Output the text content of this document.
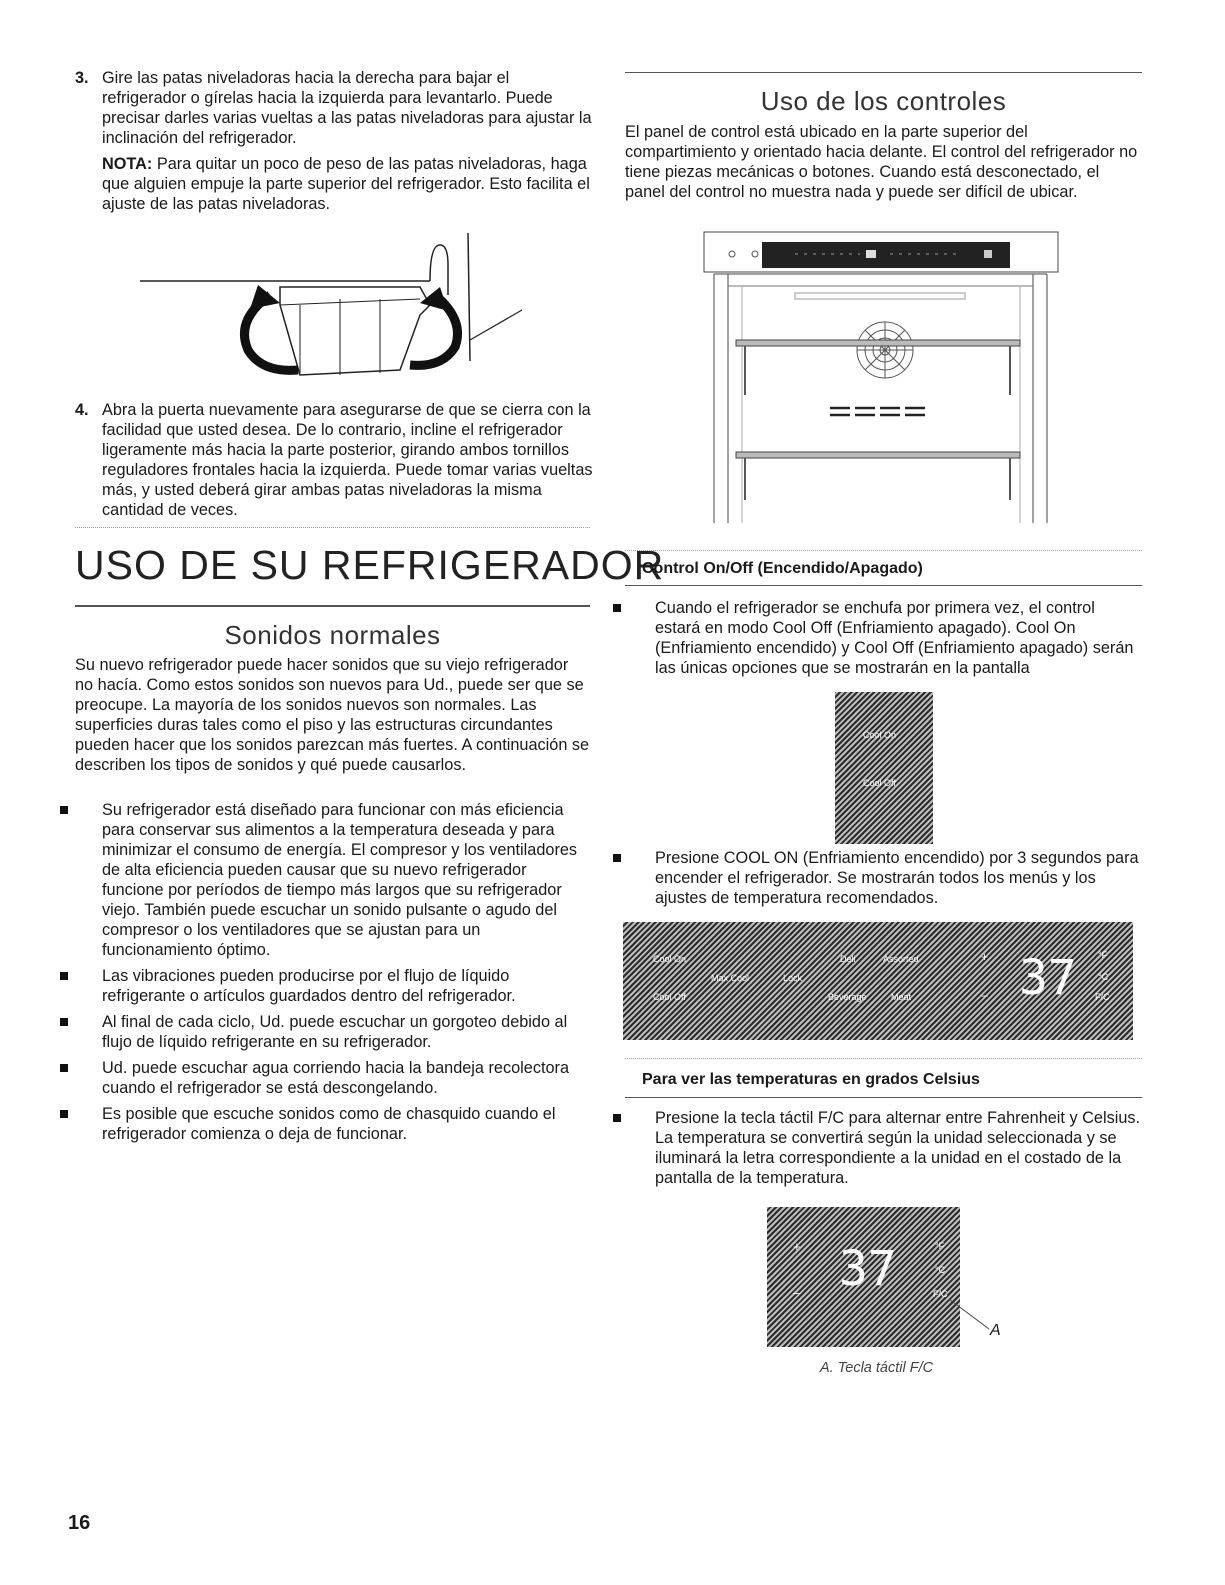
3. Gire las patas niveladoras hacia la derecha para bajar el refrigerador o gírelas hacia la izquierda para levantarlo. Puede precisar darles varias vueltas a las patas niveladoras para ajustar la inclinación del refrigerador.
NOTA: Para quitar un poco de peso de las patas niveladoras, haga que alguien empuje la parte superior del refrigerador. Esto facilita el ajuste de las patas niveladoras.
4. Abra la puerta nuevamente para asegurarse de que se cierra con la facilidad que usted desea. De lo contrario, incline el refrigerador ligeramente más hacia la parte posterior, girando ambos tornillos reguladores frontales hacia la izquierda. Puede tomar varias vueltas más, y usted deberá girar ambas patas niveladoras la misma cantidad de veces.
USO DE SU REFRIGERADOR
Sonidos normales
Su nuevo refrigerador puede hacer sonidos que su viejo refrigerador no hacía. Como estos sonidos son nuevos para Ud., puede ser que se preocupe. La mayoría de los sonidos nuevos son normales. Las superficies duras tales como el piso y las estructuras circundantes pueden hacer que los sonidos parezcan más fuertes. A continuación se describen los tipos de sonidos y qué puede causarlos.
Su refrigerador está diseñado para funcionar con más eficiencia para conservar sus alimentos a la temperatura deseada y para minimizar el consumo de energía. El compresor y los ventiladores de alta eficiencia pueden causar que su nuevo refrigerador funcione por períodos de tiempo más largos que su refrigerador viejo. También puede escuchar un sonido pulsante o agudo del compresor o los ventiladores que se ajustan para un funcionamiento óptimo.
Las vibraciones pueden producirse por el flujo de líquido refrigerante o artículos guardados dentro del refrigerador.
Al final de cada ciclo, Ud. puede escuchar un gorgoteo debido al flujo de líquido refrigerante en su refrigerador.
Ud. puede escuchar agua corriendo hacia la bandeja recolectora cuando el refrigerador se está descongelando.
Es posible que escuche sonidos como de chasquido cuando el refrigerador comienza o deja de funcionar.
16
Uso de los controles
El panel de control está ubicado en la parte superior del compartimiento y orientado hacia delante. El control del refrigerador no tiene piezas mecánicas o botones. Cuando está desconectado, el panel del control no muestra nada y puede ser difícil de ubicar.
Control On/Off (Encendido/Apagado)
Cuando el refrigerador se enchufa por primera vez, el control estará en modo Cool Off (Enfriamiento apagado). Cool On (Enfriamiento encendido) y Cool Off (Enfriamiento apagado) serán las únicas opciones que se mostrarán en la pantalla
Cool On
Cool Off
Presione COOL ON (Enfriamiento encendido) por 3 segundos para encender el refrigerador. Se mostrarán todos los menús y los ajustes de temperatura recomendados.
Cool On
Cool Off
Max Cool	Lock
Deli
Beverage
Assorted
Meat
+
– 37 °F
°C
F/C
Para ver las temperaturas en grados Celsius
Presione la tecla táctil F/C para alternar entre Fahrenheit y Celsius. La temperatura se convertirá según la unidad seleccionada y se iluminará la letra correspondiente a la unidad en el costado de la pantalla de la temperatura.
+
– 37	°F
°C
F/C
A
A. Tecla táctil F/C
